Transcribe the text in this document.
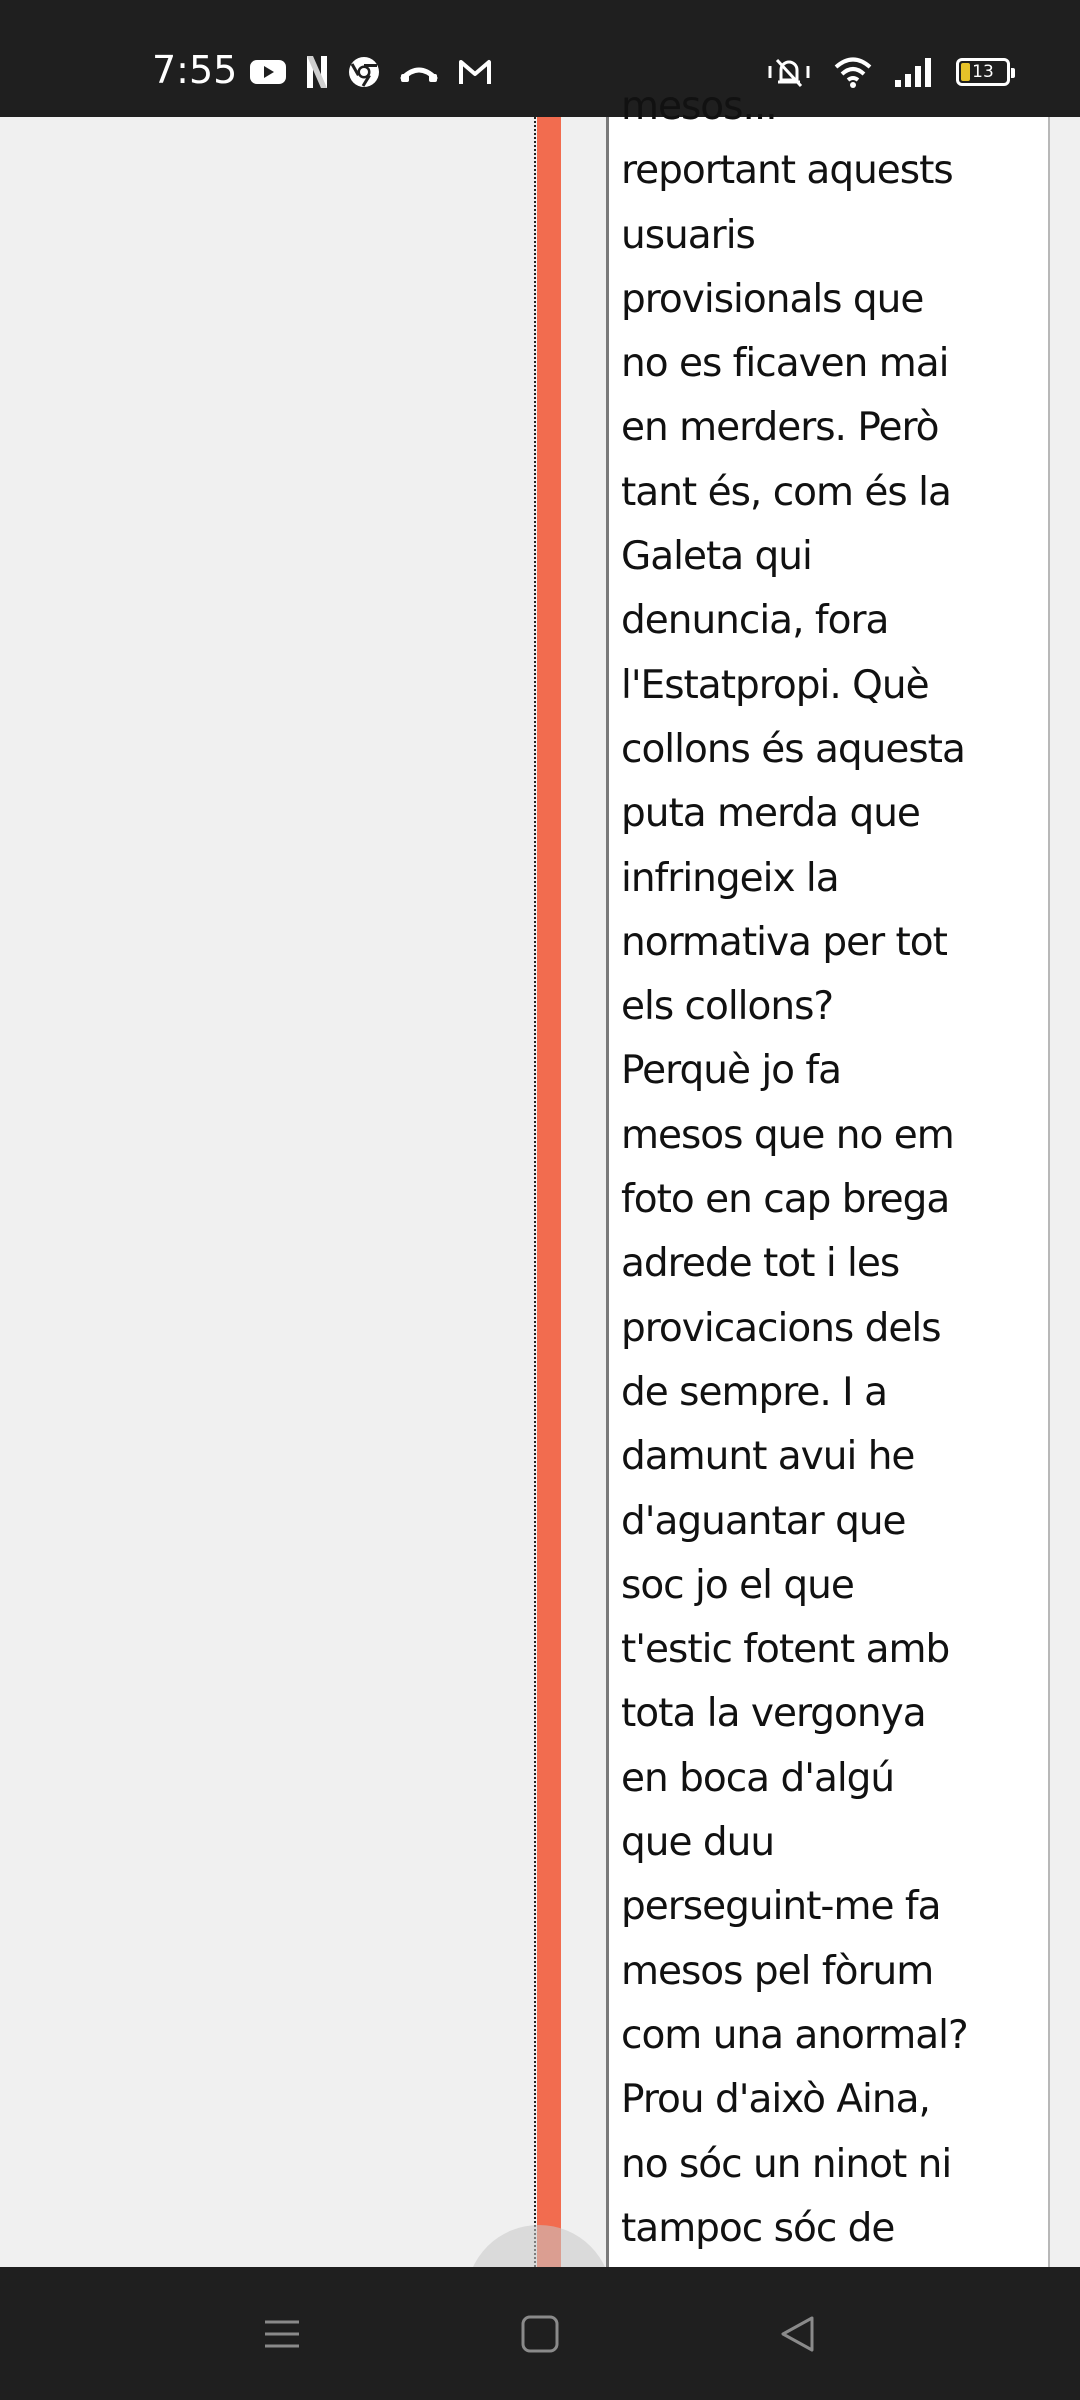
7:55	13

mesos...
reportant aquests
usuaris
provisionals que
no es ficaven mai
en merders. Però
tant és, com és la
Galeta qui
denuncia, fora
l'Estatpropi. Què
collons és aquesta
puta merda que
infringeix la
normativa per tot
els collons?
Perquè jo fa
mesos que no em
foto en cap brega
adrede tot i les
provicacions dels
de sempre. I a
damunt avui he
d'aguantar que
soc jo el que
t'estic fotent amb
tota la vergonya
en boca d'algú
que duu
perseguint-me fa
mesos pel fòrum
com una anormal?
Prou d'això Aina,
no sóc un ninot ni
tampoc sóc de
